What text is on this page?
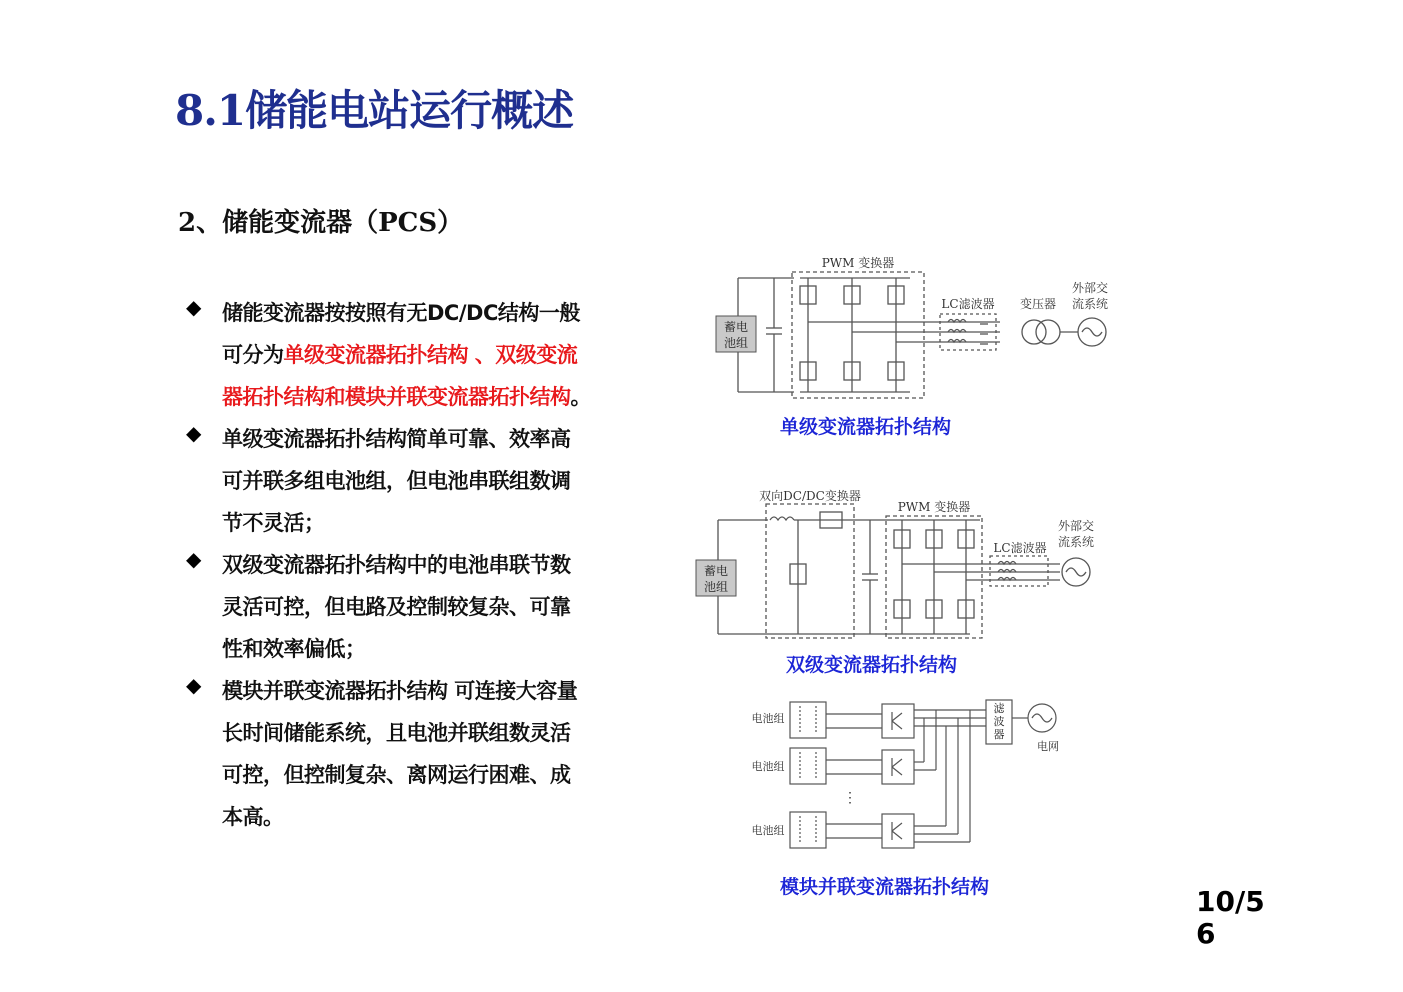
8.1储能电站运行概述
2、储能变流器（PCS）
◆ 储能变流器按按照有无DC/DC结构一般
可分为单级变流器拓扑结构 、双级变流
器拓扑结构和模块并联变流器拓扑结构。
◆ 单级变流器拓扑结构简单可靠、效率高
可并联多组电池组，但电池串联组数调
节不灵活；
◆ 双级变流器拓扑结构中的电池串联节数
灵活可控，但电路及控制较复杂、可靠
性和效率偏低；
◆ 模块并联变流器拓扑结构 可连接大容量
长时间储能系统，且电池并联组数灵活
可控，但控制复杂、离网运行困难、成
本高。
蓄电
池组
PWM 变换器
LC滤波器 变压器
外部交
流系统
单级变流器拓扑结构
蓄电
池组
双向DC/DC变换器
PWM 变换器
LC滤波器
外部交
流系统
双级变流器拓扑结构
电池组
电池组
电池组
⋮
滤
波
器
电网
模块并联变流器拓扑结构	10/5
6
